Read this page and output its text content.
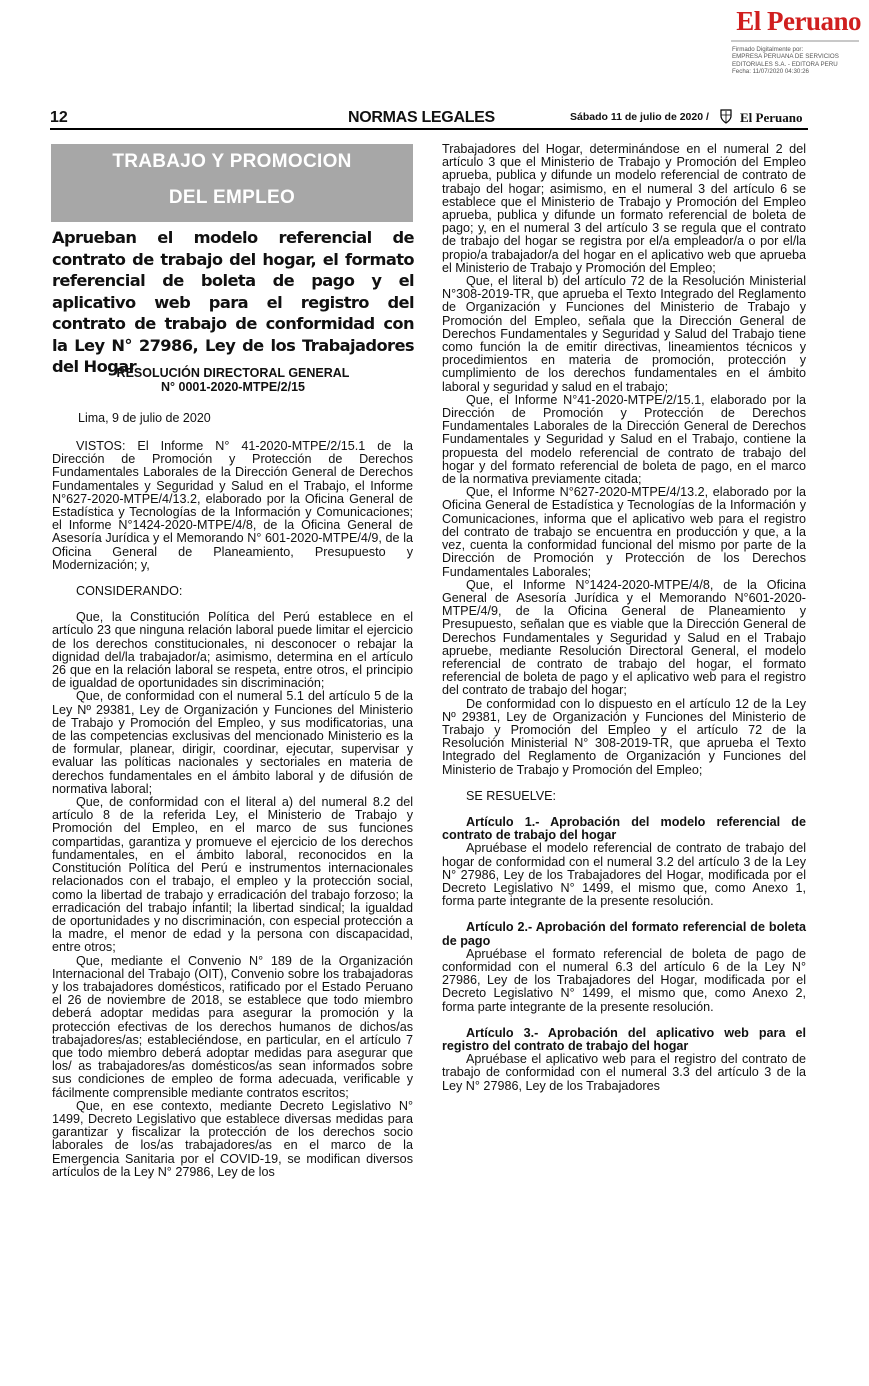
El Peruano
Firmado Digitalmente por:
EMPRESA PERUANA DE SERVICIOS
EDITORIALES S.A. - EDITORA PERU
Fecha: 11/07/2020 04:30:26
12	NORMAS LEGALES	Sábado 11 de julio de 2020 / El Peruano
TRABAJO Y PROMOCION
DEL EMPLEO
Aprueban el modelo referencial de contrato de trabajo del hogar, el formato referencial de boleta de pago y el aplicativo web para el registro del contrato de trabajo de conformidad con la Ley N° 27986, Ley de los Trabajadores del Hogar
RESOLUCIÓN DIRECTORAL GENERAL
N° 0001-2020-MTPE/2/15
Lima, 9 de julio de 2020

VISTOS: El Informe N° 41-2020-MTPE/2/15.1 de la Dirección de Promoción y Protección de Derechos Fundamentales Laborales de la Dirección General de Derechos Fundamentales y Seguridad y Salud en el Trabajo, el Informe N°627-2020-MTPE/4/13.2, elaborado por la Oficina General de Estadística y Tecnologías de la Información y Comunicaciones; el Informe N°1424-2020-MTPE/4/8, de la Oficina General de Asesoría Jurídica y el Memorando N° 601-2020-MTPE/4/9, de la Oficina General de Planeamiento, Presupuesto y Modernización; y,

CONSIDERANDO:

Que, la Constitución Política del Perú establece en el artículo 23 que ninguna relación laboral puede limitar el ejercicio de los derechos constitucionales, ni desconocer o rebajar la dignidad del/la trabajador/a; asimismo, determina en el artículo 26 que en la relación laboral se respeta, entre otros, el principio de igualdad de oportunidades sin discriminación;

Que, de conformidad con el numeral 5.1 del artículo 5 de la Ley Nº 29381, Ley de Organización y Funciones del Ministerio de Trabajo y Promoción del Empleo, y sus modificatorias, una de las competencias exclusivas del mencionado Ministerio es la de formular, planear, dirigir, coordinar, ejecutar, supervisar y evaluar las políticas nacionales y sectoriales en materia de derechos fundamentales en el ámbito laboral y de difusión de normativa laboral;

Que, de conformidad con el literal a) del numeral 8.2 del artículo 8 de la referida Ley, el Ministerio de Trabajo y Promoción del Empleo, en el marco de sus funciones compartidas, garantiza y promueve el ejercicio de los derechos fundamentales, en el ámbito laboral, reconocidos en la Constitución Política del Perú e instrumentos internacionales relacionados con el trabajo, el empleo y la protección social, como la libertad de trabajo y erradicación del trabajo forzoso; la erradicación del trabajo infantil; la libertad sindical; la igualdad de oportunidades y no discriminación, con especial protección a la madre, el menor de edad y la persona con discapacidad, entre otros;

Que, mediante el Convenio N° 189 de la Organización Internacional del Trabajo (OIT), Convenio sobre los trabajadoras y los trabajadores domésticos, ratificado por el Estado Peruano el 26 de noviembre de 2018, se establece que todo miembro deberá adoptar medidas para asegurar la promoción y la protección efectivas de los derechos humanos de dichos/as trabajadores/as; estableciéndose, en particular, en el artículo 7 que todo miembro deberá adoptar medidas para asegurar que los/ as trabajadores/as domésticos/as sean informados sobre sus condiciones de empleo de forma adecuada, verificable y fácilmente comprensible mediante contratos escritos;

Que, en ese contexto, mediante Decreto Legislativo N° 1499, Decreto Legislativo que establece diversas medidas para garantizar y fiscalizar la protección de los derechos socio laborales de los/as trabajadores/as en el marco de la Emergencia Sanitaria por el COVID-19, se modifican diversos artículos de la Ley N° 27986, Ley de los

Trabajadores del Hogar, determinándose en el numeral 2 del artículo 3 que el Ministerio de Trabajo y Promoción del Empleo aprueba, publica y difunde un modelo referencial de contrato de trabajo del hogar; asimismo, en el numeral 3 del artículo 6 se establece que el Ministerio de Trabajo y Promoción del Empleo aprueba, publica y difunde un formato referencial de boleta de pago; y, en el numeral 3 del artículo 3 se regula que el contrato de trabajo del hogar se registra por el/a empleador/a o por el/la propio/a trabajador/a del hogar en el aplicativo web que aprueba el Ministerio de Trabajo y Promoción del Empleo;

Que, el literal b) del artículo 72 de la Resolución Ministerial N°308-2019-TR, que aprueba el Texto Integrado del Reglamento de Organización y Funciones del Ministerio de Trabajo y Promoción del Empleo, señala que la Dirección General de Derechos Fundamentales y Seguridad y Salud del Trabajo tiene como función la de emitir directivas, lineamientos técnicos y procedimientos en materia de promoción, protección y cumplimiento de los derechos fundamentales en el ámbito laboral y seguridad y salud en el trabajo;

Que, el Informe N°41-2020-MTPE/2/15.1, elaborado por la Dirección de Promoción y Protección de Derechos Fundamentales Laborales de la Dirección General de Derechos Fundamentales y Seguridad y Salud en el Trabajo, contiene la propuesta del modelo referencial de contrato de trabajo del hogar y del formato referencial de boleta de pago, en el marco de la normativa previamente citada;

Que, el Informe N°627-2020-MTPE/4/13.2, elaborado por la Oficina General de Estadística y Tecnologías de la Información y Comunicaciones, informa que el aplicativo web para el registro del contrato de trabajo se encuentra en producción y que, a la vez, cuenta la conformidad funcional del mismo por parte de la Dirección de Promoción y Protección de los Derechos Fundamentales Laborales;

Que, el Informe N°1424-2020-MTPE/4/8, de la Oficina General de Asesoría Jurídica y el Memorando N°601-2020-MTPE/4/9, de la Oficina General de Planeamiento y Presupuesto, señalan que es viable que la Dirección General de Derechos Fundamentales y Seguridad y Salud en el Trabajo apruebe, mediante Resolución Directoral General, el modelo referencial de contrato de trabajo del hogar, el formato referencial de boleta de pago y el aplicativo web para el registro del contrato de trabajo del hogar;

De conformidad con lo dispuesto en el artículo 12 de la Ley Nº 29381, Ley de Organización y Funciones del Ministerio de Trabajo y Promoción del Empleo y el artículo 72 de la Resolución Ministerial N° 308-2019-TR, que aprueba el Texto Integrado del Reglamento de Organización y Funciones del Ministerio de Trabajo y Promoción del Empleo;

SE RESUELVE:

Artículo 1.- Aprobación del modelo referencial de contrato de trabajo del hogar

Apruébase el modelo referencial de contrato de trabajo del hogar de conformidad con el numeral 3.2 del artículo 3 de la Ley N° 27986, Ley de los Trabajadores del Hogar, modificada por el Decreto Legislativo N° 1499, el mismo que, como Anexo 1, forma parte integrante de la presente resolución.

Artículo 2.- Aprobación del formato referencial de boleta de pago

Apruébase el formato referencial de boleta de pago de conformidad con el numeral 6.3 del artículo 6 de la Ley N° 27986, Ley de los Trabajadores del Hogar, modificada por el Decreto Legislativo N° 1499, el mismo que, como Anexo 2, forma parte integrante de la presente resolución.

Artículo 3.- Aprobación del aplicativo web para el registro del contrato de trabajo del hogar

Apruébase el aplicativo web para el registro del contrato de trabajo de conformidad con el numeral 3.3 del artículo 3 de la Ley N° 27986, Ley de los Trabajadores
